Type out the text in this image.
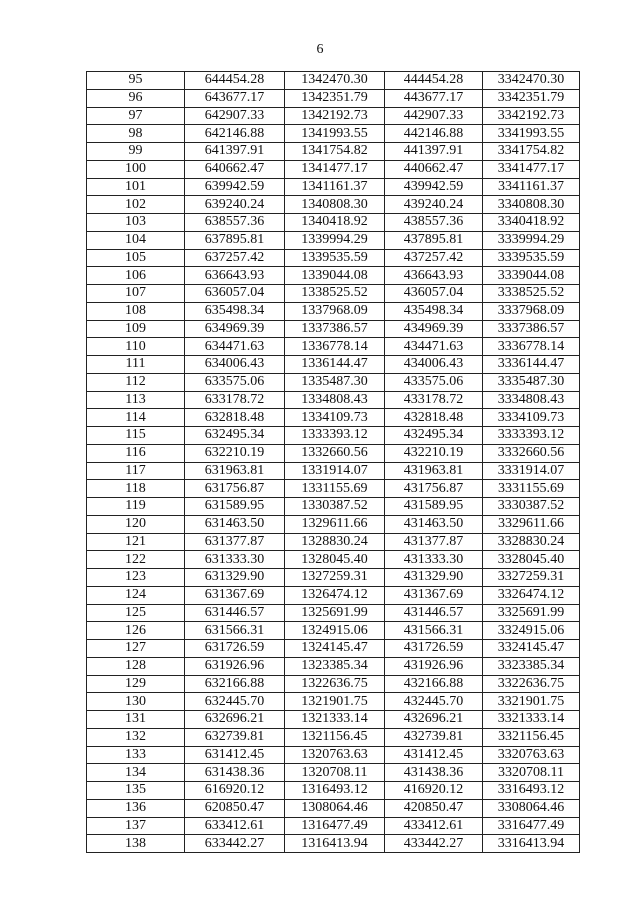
6
95	644454.28	1342470.30	444454.28	3342470.30
96	643677.17	1342351.79	443677.17	3342351.79
97	642907.33	1342192.73	442907.33	3342192.73
98	642146.88	1341993.55	442146.88	3341993.55
99	641397.91	1341754.82	441397.91	3341754.82
100	640662.47	1341477.17	440662.47	3341477.17
101	639942.59	1341161.37	439942.59	3341161.37
102	639240.24	1340808.30	439240.24	3340808.30
103	638557.36	1340418.92	438557.36	3340418.92
104	637895.81	1339994.29	437895.81	3339994.29
105	637257.42	1339535.59	437257.42	3339535.59
106	636643.93	1339044.08	436643.93	3339044.08
107	636057.04	1338525.52	436057.04	3338525.52
108	635498.34	1337968.09	435498.34	3337968.09
109	634969.39	1337386.57	434969.39	3337386.57
110	634471.63	1336778.14	434471.63	3336778.14
111	634006.43	1336144.47	434006.43	3336144.47
112	633575.06	1335487.30	433575.06	3335487.30
113	633178.72	1334808.43	433178.72	3334808.43
114	632818.48	1334109.73	432818.48	3334109.73
115	632495.34	1333393.12	432495.34	3333393.12
116	632210.19	1332660.56	432210.19	3332660.56
117	631963.81	1331914.07	431963.81	3331914.07
118	631756.87	1331155.69	431756.87	3331155.69
119	631589.95	1330387.52	431589.95	3330387.52
120	631463.50	1329611.66	431463.50	3329611.66
121	631377.87	1328830.24	431377.87	3328830.24
122	631333.30	1328045.40	431333.30	3328045.40
123	631329.90	1327259.31	431329.90	3327259.31
124	631367.69	1326474.12	431367.69	3326474.12
125	631446.57	1325691.99	431446.57	3325691.99
126	631566.31	1324915.06	431566.31	3324915.06
127	631726.59	1324145.47	431726.59	3324145.47
128	631926.96	1323385.34	431926.96	3323385.34
129	632166.88	1322636.75	432166.88	3322636.75
130	632445.70	1321901.75	432445.70	3321901.75
131	632696.21	1321333.14	432696.21	3321333.14
132	632739.81	1321156.45	432739.81	3321156.45
133	631412.45	1320763.63	431412.45	3320763.63
134	631438.36	1320708.11	431438.36	3320708.11
135	616920.12	1316493.12	416920.12	3316493.12
136	620850.47	1308064.46	420850.47	3308064.46
137	633412.61	1316477.49	433412.61	3316477.49
138	633442.27	1316413.94	433442.27	3316413.94
